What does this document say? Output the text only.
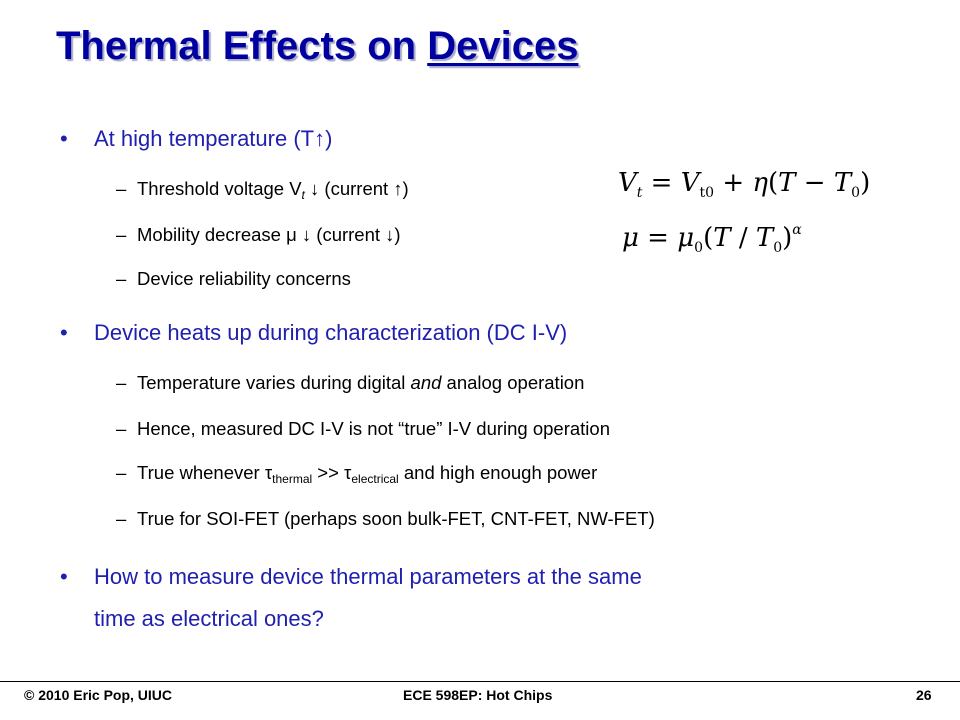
Thermal Effects on Devices
• At high temperature (T↑)
– Threshold voltage $V_t$ ↓ (current ↑)
– Mobility decrease μ ↓ (current ↓)
– Device reliability concerns
$V_t = V_{t0} + \eta(T - T_0)$
$\mu = \mu_0(T / T_0)^\alpha$
• Device heats up during characterization (DC I-V)
– Temperature varies during digital and analog operation
– Hence, measured DC I-V is not “true” I-V during operation
– True whenever $\tau_{thermal} >> \tau_{electrical}$ and high enough power
– True for SOI-FET (perhaps soon bulk-FET, CNT-FET, NW-FET)
• How to measure device thermal parameters at the same
time as electrical ones?
© 2010 Eric Pop, UIUC	ECE 598EP: Hot Chips	26
